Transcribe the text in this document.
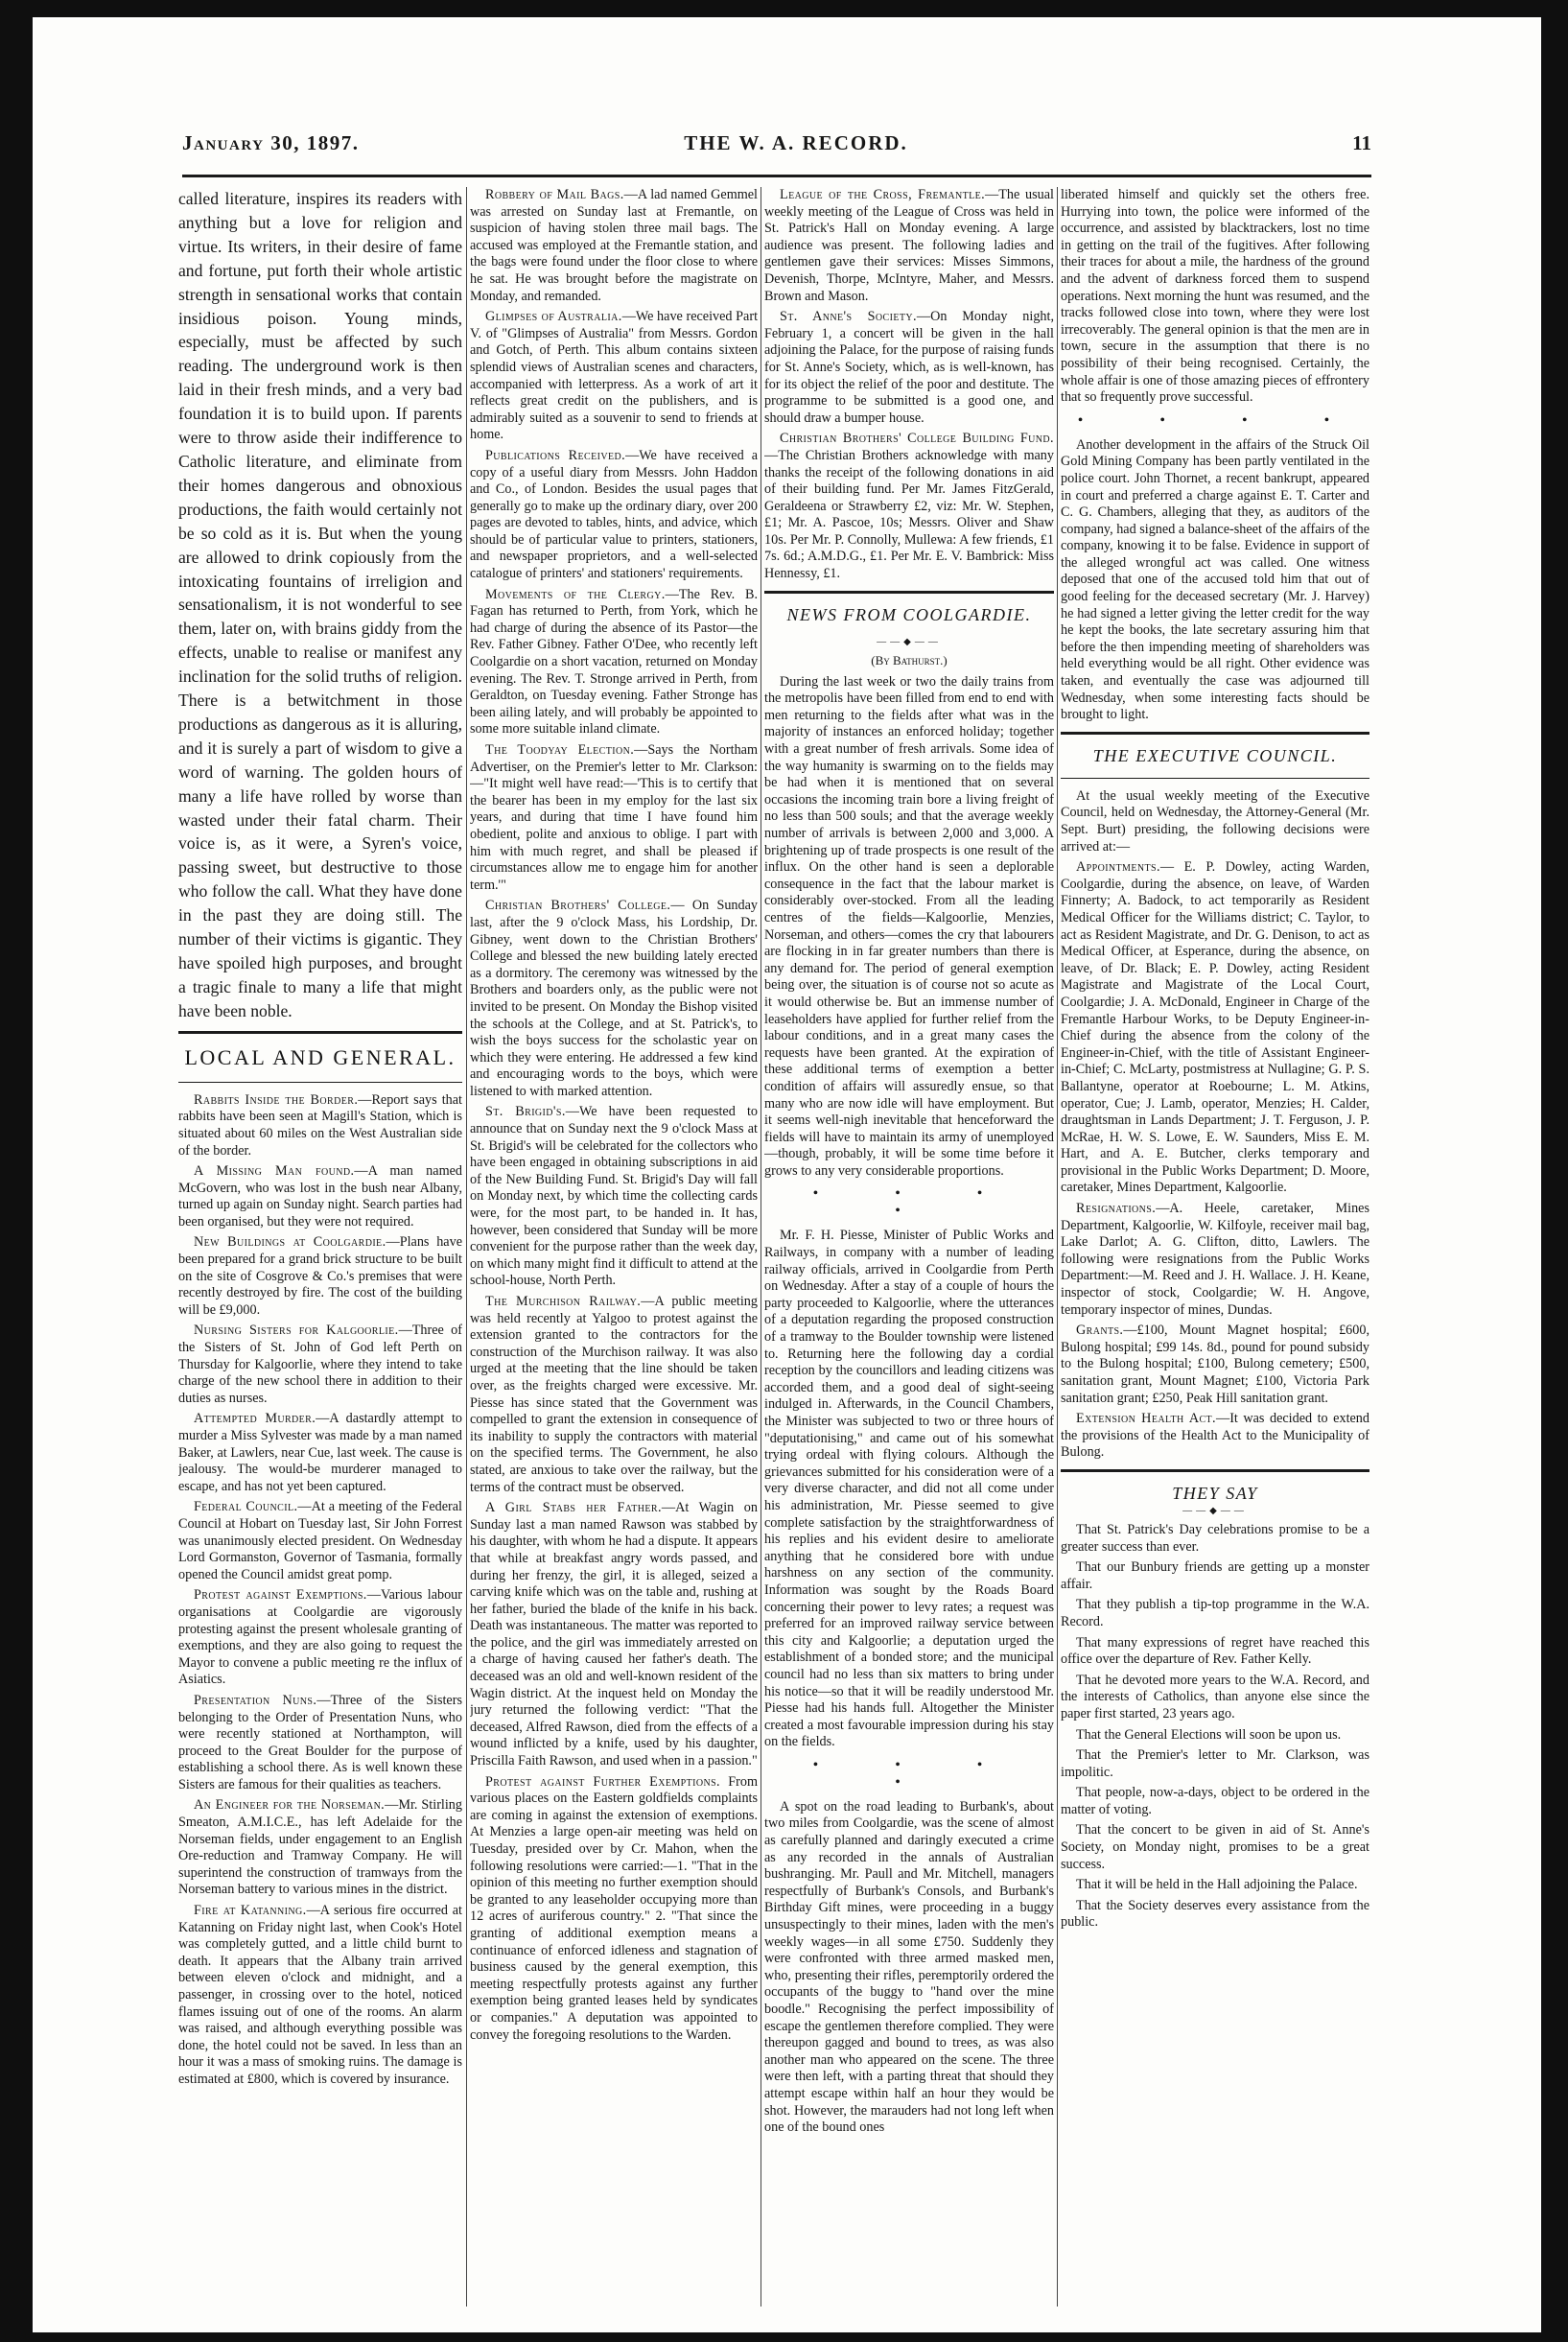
January 30, 1897.	THE W. A. RECORD.	11

called literature, inspires its readers with anything but a love for religion and virtue. Its writers, in their desire of fame and fortune, put forth their whole artistic strength in sensational works that contain insidious poison. Young minds, especially, must be affected by such reading. The underground work is then laid in their fresh minds, and a very bad foundation it is to build upon. If parents were to throw aside their indifference to Catholic literature, and eliminate from their homes dangerous and obnoxious productions, the faith would certainly not be so cold as it is. But when the young are allowed to drink copiously from the intoxicating fountains of irreligion and sensationalism, it is not wonderful to see them, later on, with brains giddy from the effects, unable to realise or manifest any inclination for the solid truths of religion. There is a betwitchment in those productions as dangerous as it is alluring, and it is surely a part of wisdom to give a word of warning. The golden hours of many a life have rolled by worse than wasted under their fatal charm. Their voice is, as it were, a Syren's voice, passing sweet, but destructive to those who follow the call. What they have done in the past they are doing still. The number of their victims is gigantic. They have spoiled high purposes, and brought a tragic finale to many a life that might have been noble.

LOCAL AND GENERAL.

Rabbits Inside the Border.—Report says that rabbits have been seen at Magill's Station, which is situated about 60 miles on the West Australian side of the border.

A Missing Man found.—A man named McGovern, who was lost in the bush near Albany, turned up again on Sunday night. Search parties had been organised, but they were not required.

New Buildings at Coolgardie.—Plans have been prepared for a grand brick structure to be built on the site of Cosgrove & Co.'s premises that were recently destroyed by fire. The cost of the building will be £9,000.

Nursing Sisters for Kalgoorlie.—Three of the Sisters of St. John of God left Perth on Thursday for Kalgoorlie, where they intend to take charge of the new school there in addition to their duties as nurses.

Attempted Murder.—A dastardly attempt to murder a Miss Sylvester was made by a man named Baker, at Lawlers, near Cue, last week. The cause is jealousy. The would-be murderer managed to escape, and has not yet been captured.

Federal Council.—At a meeting of the Federal Council at Hobart on Tuesday last, Sir John Forrest was unanimously elected president. On Wednesday Lord Gormanston, Governor of Tasmania, formally opened the Council amidst great pomp.

Protest against Exemptions.—Various labour organisations at Coolgardie are vigorously protesting against the present wholesale granting of exemptions, and they are also going to request the Mayor to convene a public meeting re the influx of Asiatics.

Presentation Nuns.—Three of the Sisters belonging to the Order of Presentation Nuns, who were recently stationed at Northampton, will proceed to the Great Boulder for the purpose of establishing a school there. As is well known these Sisters are famous for their qualities as teachers.

An Engineer for the Norseman.—Mr. Stirling Smeaton, A.M.I.C.E., has left Adelaide for the Norseman fields, under engagement to an English Ore-reduction and Tramway Company. He will superintend the construction of tramways from the Norseman battery to various mines in the district.

Fire at Katanning.—A serious fire occurred at Katanning on Friday night last, when Cook's Hotel was completely gutted, and a little child burnt to death. It appears that the Albany train arrived between eleven o'clock and midnight, and a passenger, in crossing over to the hotel, noticed flames issuing out of one of the rooms. An alarm was raised, and although everything possible was done, the hotel could not be saved. In less than an hour it was a mass of smoking ruins. The damage is estimated at £800, which is covered by insurance.

Robbery of Mail Bags.—A lad named Gemmel was arrested on Sunday last at Fremantle, on suspicion of having stolen three mail bags. The accused was employed at the Fremantle station, and the bags were found under the floor close to where he sat. He was brought before the magistrate on Monday, and remanded.

Glimpses of Australia.—We have received Part V. of "Glimpses of Australia" from Messrs. Gordon and Gotch, of Perth. This album contains sixteen splendid views of Australian scenes and characters, accompanied with letterpress. As a work of art it reflects great credit on the publishers, and is admirably suited as a souvenir to send to friends at home.

Publications Received.—We have received a copy of a useful diary from Messrs. John Haddon and Co., of London. Besides the usual pages that generally go to make up the ordinary diary, over 200 pages are devoted to tables, hints, and advice, which should be of particular value to printers, stationers, and newspaper proprietors, and a well-selected catalogue of printers' and stationers' requirements.

Movements of the Clergy.—The Rev. B. Fagan has returned to Perth, from York, which he had charge of during the absence of its Pastor—the Rev. Father Gibney. Father O'Dee, who recently left Coolgardie on a short vacation, returned on Monday evening. The Rev. T. Stronge arrived in Perth, from Geraldton, on Tuesday evening. Father Stronge has been ailing lately, and will probably be appointed to some more suitable inland climate.

The Toodyay Election.—Says the Northam Advertiser, on the Premier's letter to Mr. Clarkson:—"It might well have read:—'This is to certify that the bearer has been in my employ for the last six years, and during that time I have found him obedient, polite and anxious to oblige. I part with him with much regret, and shall be pleased if circumstances allow me to engage him for another term.'"

Christian Brothers' College.— On Sunday last, after the 9 o'clock Mass, his Lordship, Dr. Gibney, went down to the Christian Brothers' College and blessed the new building lately erected as a dormitory. The ceremony was witnessed by the Brothers and boarders only, as the public were not invited to be present. On Monday the Bishop visited the schools at the College, and at St. Patrick's, to wish the boys success for the scholastic year on which they were entering. He addressed a few kind and encouraging words to the boys, which were listened to with marked attention.

St. Brigid's.—We have been requested to announce that on Sunday next the 9 o'clock Mass at St. Brigid's will be celebrated for the collectors who have been engaged in obtaining subscriptions in aid of the New Building Fund. St. Brigid's Day will fall on Monday next, by which time the collecting cards were, for the most part, to be handed in. It has, however, been considered that Sunday will be more convenient for the purpose rather than the week day, on which many might find it difficult to attend at the school-house, North Perth.

The Murchison Railway.—A public meeting was held recently at Yalgoo to protest against the extension granted to the contractors for the construction of the Murchison railway. It was also urged at the meeting that the line should be taken over, as the freights charged were excessive. Mr. Piesse has since stated that the Government was compelled to grant the extension in consequence of its inability to supply the contractors with material on the specified terms. The Government, he also stated, are anxious to take over the railway, but the terms of the contract must be observed.

A Girl Stabs her Father.—At Wagin on Sunday last a man named Rawson was stabbed by his daughter, with whom he had a dispute. It appears that while at breakfast angry words passed, and during her frenzy, the girl, it is alleged, seized a carving knife which was on the table and, rushing at her father, buried the blade of the knife in his back. Death was instantaneous. The matter was reported to the police, and the girl was immediately arrested on a charge of having caused her father's death. The deceased was an old and well-known resident of the Wagin district. At the inquest held on Monday the jury returned the following verdict: "That the deceased, Alfred Rawson, died from the effects of a wound inflicted by a knife, used by his daughter, Priscilla Faith Rawson, and used when in a passion."

Protest against Further Exemptions. From various places on the Eastern goldfields complaints are coming in against the extension of exemptions. At Menzies a large open-air meeting was held on Tuesday, presided over by Cr. Mahon, when the following resolutions were carried:—1. "That in the opinion of this meeting no further exemption should be granted to any leaseholder occupying more than 12 acres of auriferous country." 2. "That since the granting of additional exemption means a continuance of enforced idleness and stagnation of business caused by the general exemption, this meeting respectfully protests against any further exemption being granted leases held by syndicates or companies." A deputation was appointed to convey the foregoing resolutions to the Warden.

League of the Cross, Fremantle.—The usual weekly meeting of the League of Cross was held in St. Patrick's Hall on Monday evening. A large audience was present. The following ladies and gentlemen gave their services: Misses Simmons, Devenish, Thorpe, McIntyre, Maher, and Messrs. Brown and Mason.

St. Anne's Society.—On Monday night, February 1, a concert will be given in the hall adjoining the Palace, for the purpose of raising funds for St. Anne's Society, which, as is well-known, has for its object the relief of the poor and destitute. The programme to be submitted is a good one, and should draw a bumper house.

Christian Brothers' College Building Fund.—The Christian Brothers acknowledge with many thanks the receipt of the following donations in aid of their building fund. Per Mr. James FitzGerald, Geraldeena or Strawberry £2, viz: Mr. W. Stephen, £1; Mr. A. Pascoe, 10s; Messrs. Oliver and Shaw 10s. Per Mr. P. Connolly, Mullewa: A few friends, £1 7s. 6d.; A.M.D.G., £1. Per Mr. E. V. Bambrick: Miss Hennessy, £1.

NEWS FROM COOLGARDIE.
——◆——
(By Bathurst.)

During the last week or two the daily trains from the metropolis have been filled from end to end with men returning to the fields after what was in the majority of instances an enforced holiday; together with a great number of fresh arrivals. Some idea of the way humanity is swarming on to the fields may be had when it is mentioned that on several occasions the incoming train bore a living freight of no less than 500 souls; and that the average weekly number of arrivals is between 2,000 and 3,000. A brightening up of trade prospects is one result of the influx. On the other hand is seen a deplorable consequence in the fact that the labour market is considerably over-stocked. From all the leading centres of the fields—Kalgoorlie, Menzies, Norseman, and others—comes the cry that labourers are flocking in in far greater numbers than there is any demand for. The period of general exemption being over, the situation is of course not so acute as it would otherwise be. But an immense number of leaseholders have applied for further relief from the labour conditions, and in a great many cases the requests have been granted. At the expiration of these additional terms of exemption a better condition of affairs will assuredly ensue, so that many who are now idle will have employment. But it seems well-nigh inevitable that henceforward the fields will have to maintain its army of unemployed—though, probably, it will be some time before it grows to any very considerable proportions.

• • • •

Mr. F. H. Piesse, Minister of Public Works and Railways, in company with a number of leading railway officials, arrived in Coolgardie from Perth on Wednesday. After a stay of a couple of hours the party proceeded to Kalgoorlie, where the utterances of a deputation regarding the proposed construction of a tramway to the Boulder township were listened to. Returning here the following day a cordial reception by the councillors and leading citizens was accorded them, and a good deal of sight-seeing indulged in. Afterwards, in the Council Chambers, the Minister was subjected to two or three hours of "deputationising," and came out of his somewhat trying ordeal with flying colours. Although the grievances submitted for his consideration were of a very diverse character, and did not all come under his administration, Mr. Piesse seemed to give complete satisfaction by the straightforwardness of his replies and his evident desire to ameliorate anything that he considered bore with undue harshness on any section of the community. Information was sought by the Roads Board concerning their power to levy rates; a request was preferred for an improved railway service between this city and Kalgoorlie; a deputation urged the establishment of a bonded store; and the municipal council had no less than six matters to bring under his notice—so that it will be readily understood Mr. Piesse had his hands full. Altogether the Minister created a most favourable impression during his stay on the fields.

• • • •

A spot on the road leading to Burbank's, about two miles from Coolgardie, was the scene of almost as carefully planned and daringly executed a crime as any recorded in the annals of Australian bushranging. Mr. Paull and Mr. Mitchell, managers respectfully of Burbank's Consols, and Burbank's Birthday Gift mines, were proceeding in a buggy unsuspectingly to their mines, laden with the men's weekly wages—in all some £750. Suddenly they were confronted with three armed masked men, who, presenting their rifles, peremptorily ordered the occupants of the buggy to "hand over the mine boodle." Recognising the perfect impossibility of escape the gentlemen therefore complied. They were thereupon gagged and bound to trees, as was also another man who appeared on the scene. The three were then left, with a parting threat that should they attempt escape within half an hour they would be shot. However, the marauders had not long left when one of the bound ones

liberated himself and quickly set the others free. Hurrying into town, the police were informed of the occurrence, and assisted by blacktrackers, lost no time in getting on the trail of the fugitives. After following their traces for about a mile, the hardness of the ground and the advent of darkness forced them to suspend operations. Next morning the hunt was resumed, and the tracks followed close into town, where they were lost irrecoverably. The general opinion is that the men are in town, secure in the assumption that there is no possibility of their being recognised. Certainly, the whole affair is one of those amazing pieces of effrontery that so frequently prove successful.

• • • •

Another development in the affairs of the Struck Oil Gold Mining Company has been partly ventilated in the police court. John Thornet, a recent bankrupt, appeared in court and preferred a charge against E. T. Carter and C. G. Chambers, alleging that they, as auditors of the company, had signed a balance-sheet of the affairs of the company, knowing it to be false. Evidence in support of the alleged wrongful act was called. One witness deposed that one of the accused told him that out of good feeling for the deceased secretary (Mr. J. Harvey) he had signed a letter giving the letter credit for the way he kept the books, the late secretary assuring him that before the then impending meeting of shareholders was held everything would be all right. Other evidence was taken, and eventually the case was adjourned till Wednesday, when some interesting facts should be brought to light.

THE EXECUTIVE COUNCIL.

At the usual weekly meeting of the Executive Council, held on Wednesday, the Attorney-General (Mr. Sept. Burt) presiding, the following decisions were arrived at:—

Appointments.— E. P. Dowley, acting Warden, Coolgardie, during the absence, on leave, of Warden Finnerty; A. Badock, to act temporarily as Resident Medical Officer for the Williams district; C. Taylor, to act as Resident Magistrate, and Dr. G. Denison, to act as Medical Officer, at Esperance, during the absence, on leave, of Dr. Black; E. P. Dowley, acting Resident Magistrate and Magistrate of the Local Court, Coolgardie; J. A. McDonald, Engineer in Charge of the Fremantle Harbour Works, to be Deputy Engineer-in-Chief during the absence from the colony of the Engineer-in-Chief, with the title of Assistant Engineer-in-Chief; C. McLarty, postmistress at Nullagine; G. P. S. Ballantyne, operator at Roebourne; L. M. Atkins, operator, Cue; J. Lamb, operator, Menzies; H. Calder, draughtsman in Lands Department; J. T. Ferguson, J. P. McRae, H. W. S. Lowe, E. W. Saunders, Miss E. M. Hart, and A. E. Butcher, clerks temporary and provisional in the Public Works Department; D. Moore, caretaker, Mines Department, Kalgoorlie.

Resignations.—A. Heele, caretaker, Mines Department, Kalgoorlie, W. Kilfoyle, receiver mail bag, Lake Darlot; A. G. Clifton, ditto, Lawlers. The following were resignations from the Public Works Department:—M. Reed and J. H. Wallace. J. H. Keane, inspector of stock, Coolgardie; W. H. Angove, temporary inspector of mines, Dundas.

Grants.—£100, Mount Magnet hospital; £600, Bulong hospital; £99 14s. 8d., pound for pound subsidy to the Bulong hospital; £100, Bulong cemetery; £500, sanitation grant, Mount Magnet; £100, Victoria Park sanitation grant; £250, Peak Hill sanitation grant.

Extension Health Act.—It was decided to extend the provisions of the Health Act to the Municipality of Bulong.

THEY SAY
——◆——

That St. Patrick's Day celebrations promise to be a greater success than ever.

That our Bunbury friends are getting up a monster affair.

That they publish a tip-top programme in the W.A. Record.

That many expressions of regret have reached this office over the departure of Rev. Father Kelly.

That he devoted more years to the W.A. Record, and the interests of Catholics, than anyone else since the paper first started, 23 years ago.

That the General Elections will soon be upon us.

That the Premier's letter to Mr. Clarkson, was impolitic.

That people, now-a-days, object to be ordered in the matter of voting.

That the concert to be given in aid of St. Anne's Society, on Monday night, promises to be a great success.

That it will be held in the Hall adjoining the Palace.

That the Society deserves every assistance from the public.
